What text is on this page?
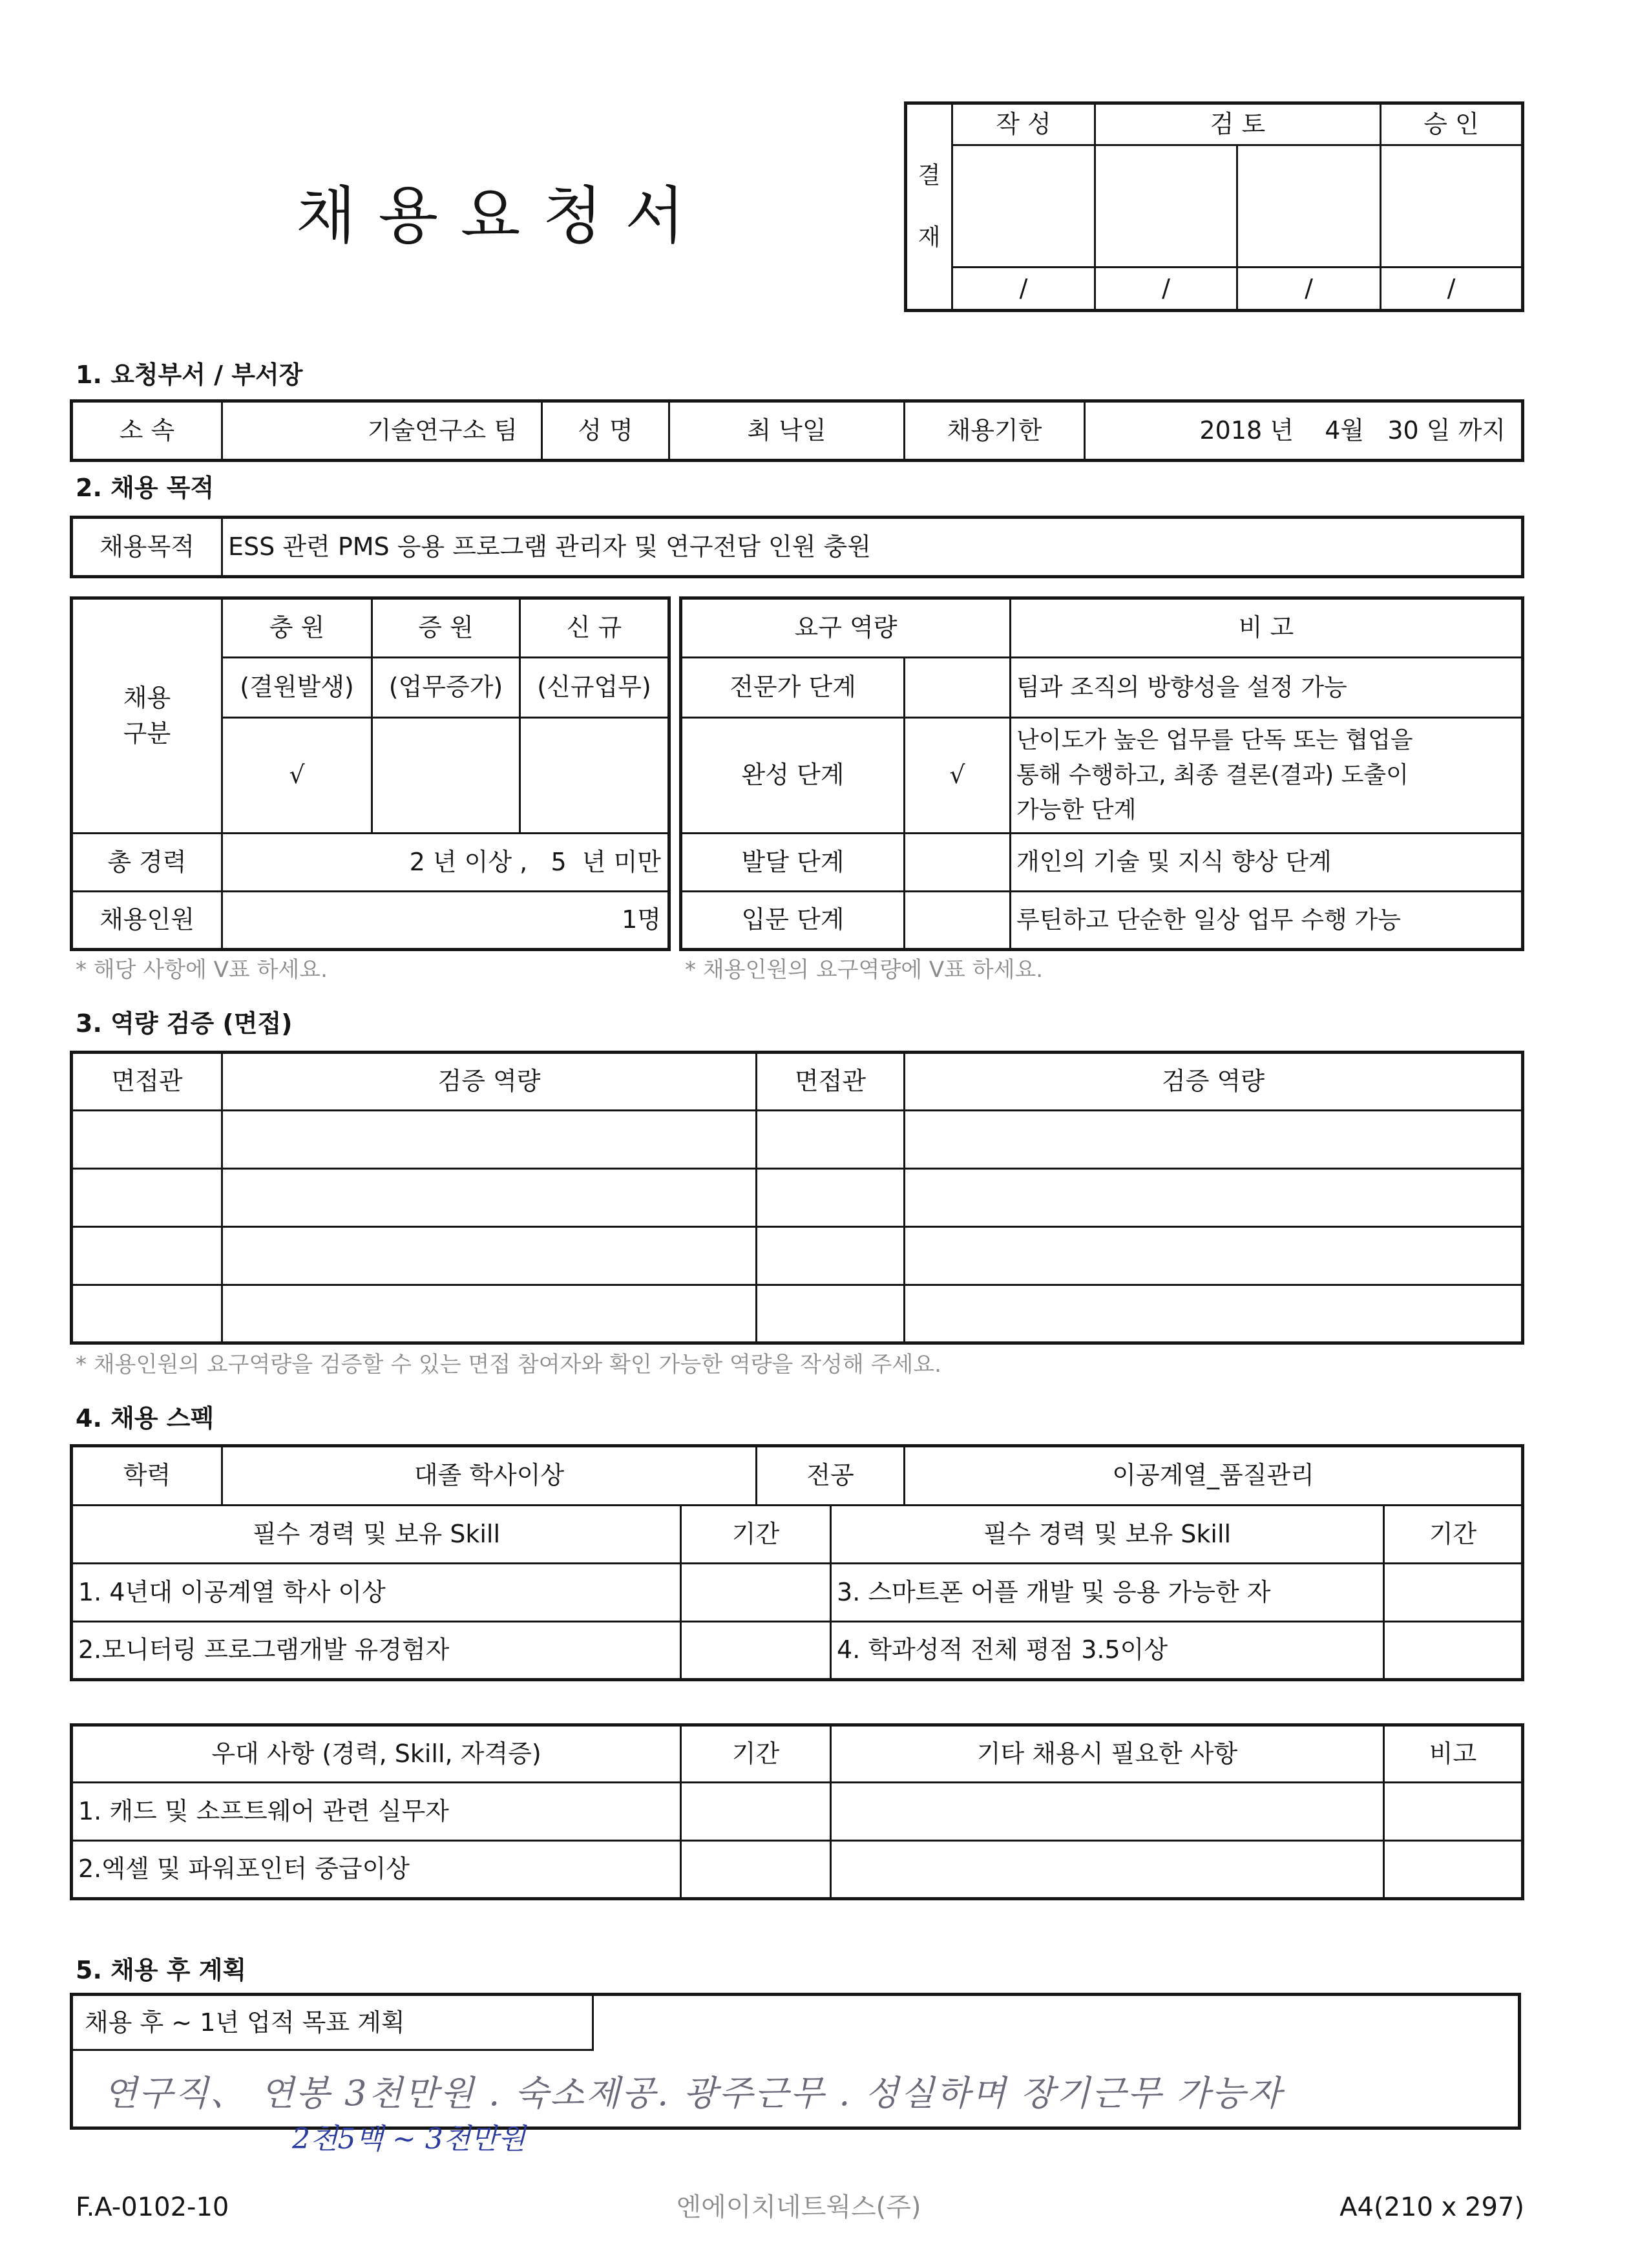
채 용 요 청 서
결
재	작 성	검 토		승 인

	/	/	/	/
1. 요청부서 / 부서장
소 속	기술연구소 팀	성 명	최 낙일	채용기한	2018 년    4월   30 일 까지
2. 채용 목적
채용목적	ESS 관련 PMS 응용 프로그램 관리자 및 연구전담 인원 충원
채용
구분	충 원	증 원	신 규
	(결원발생)	(업무증가)	(신규업무)
	√		
총 경력	2 년 이상 ,   5  년 미만		
채용인원	1명		
요구 역량		비 고
전문가 단계		팀과 조직의 방향성을 설정 가능
완성 단계	√	난이도가 높은 업무를 단독 또는 협업을
통해 수행하고, 최종 결론(결과) 도출이
가능한 단계

발달 단계		개인의 기술 및 지식 향상 단계
입문 단계		루틴하고 단순한 일상 업무 수행 가능
* 해당 사항에 V표 하세요.	* 채용인원의 요구역량에 V표 하세요.
3. 역량 검증 (면접)
면접관	검증 역량	면접관	검증 역량

* 채용인원의 요구역량을 검증할 수 있는 면접 참여자와 확인 가능한 역량을 작성해 주세요.
4. 채용 스펙
학력	대졸 학사이상		전공		이공계열_품질관리	
필수 경력 및 보유 Skill		기간		필수 경력 및 보유 Skill		기간
1. 4년대 이공계열 학사 이상				3. 스마트폰 어플 개발 및 응용 가능한 자		
2.모니터링 프로그램개발 유경험자				4. 학과성적 전체 평점 3.5이상		
우대 사항 (경력, Skill, 자격증)	기간	기타 채용시 필요한 사항	비고
1. 캐드 및 소프트웨어 관련 실무자			
2.엑셀 및 파워포인터 중급이상			
5. 채용 후 계획
채용 후 ~ 1년 업적 목표 계획
연구직、 연봉 3천만원 . 숙소제공. 광주근무 . 성실하며 장기근무 가능자
2천5백 ~ 3천만원
F.A-0102-10	엔에이치네트웍스(주)	A4(210 x 297)
